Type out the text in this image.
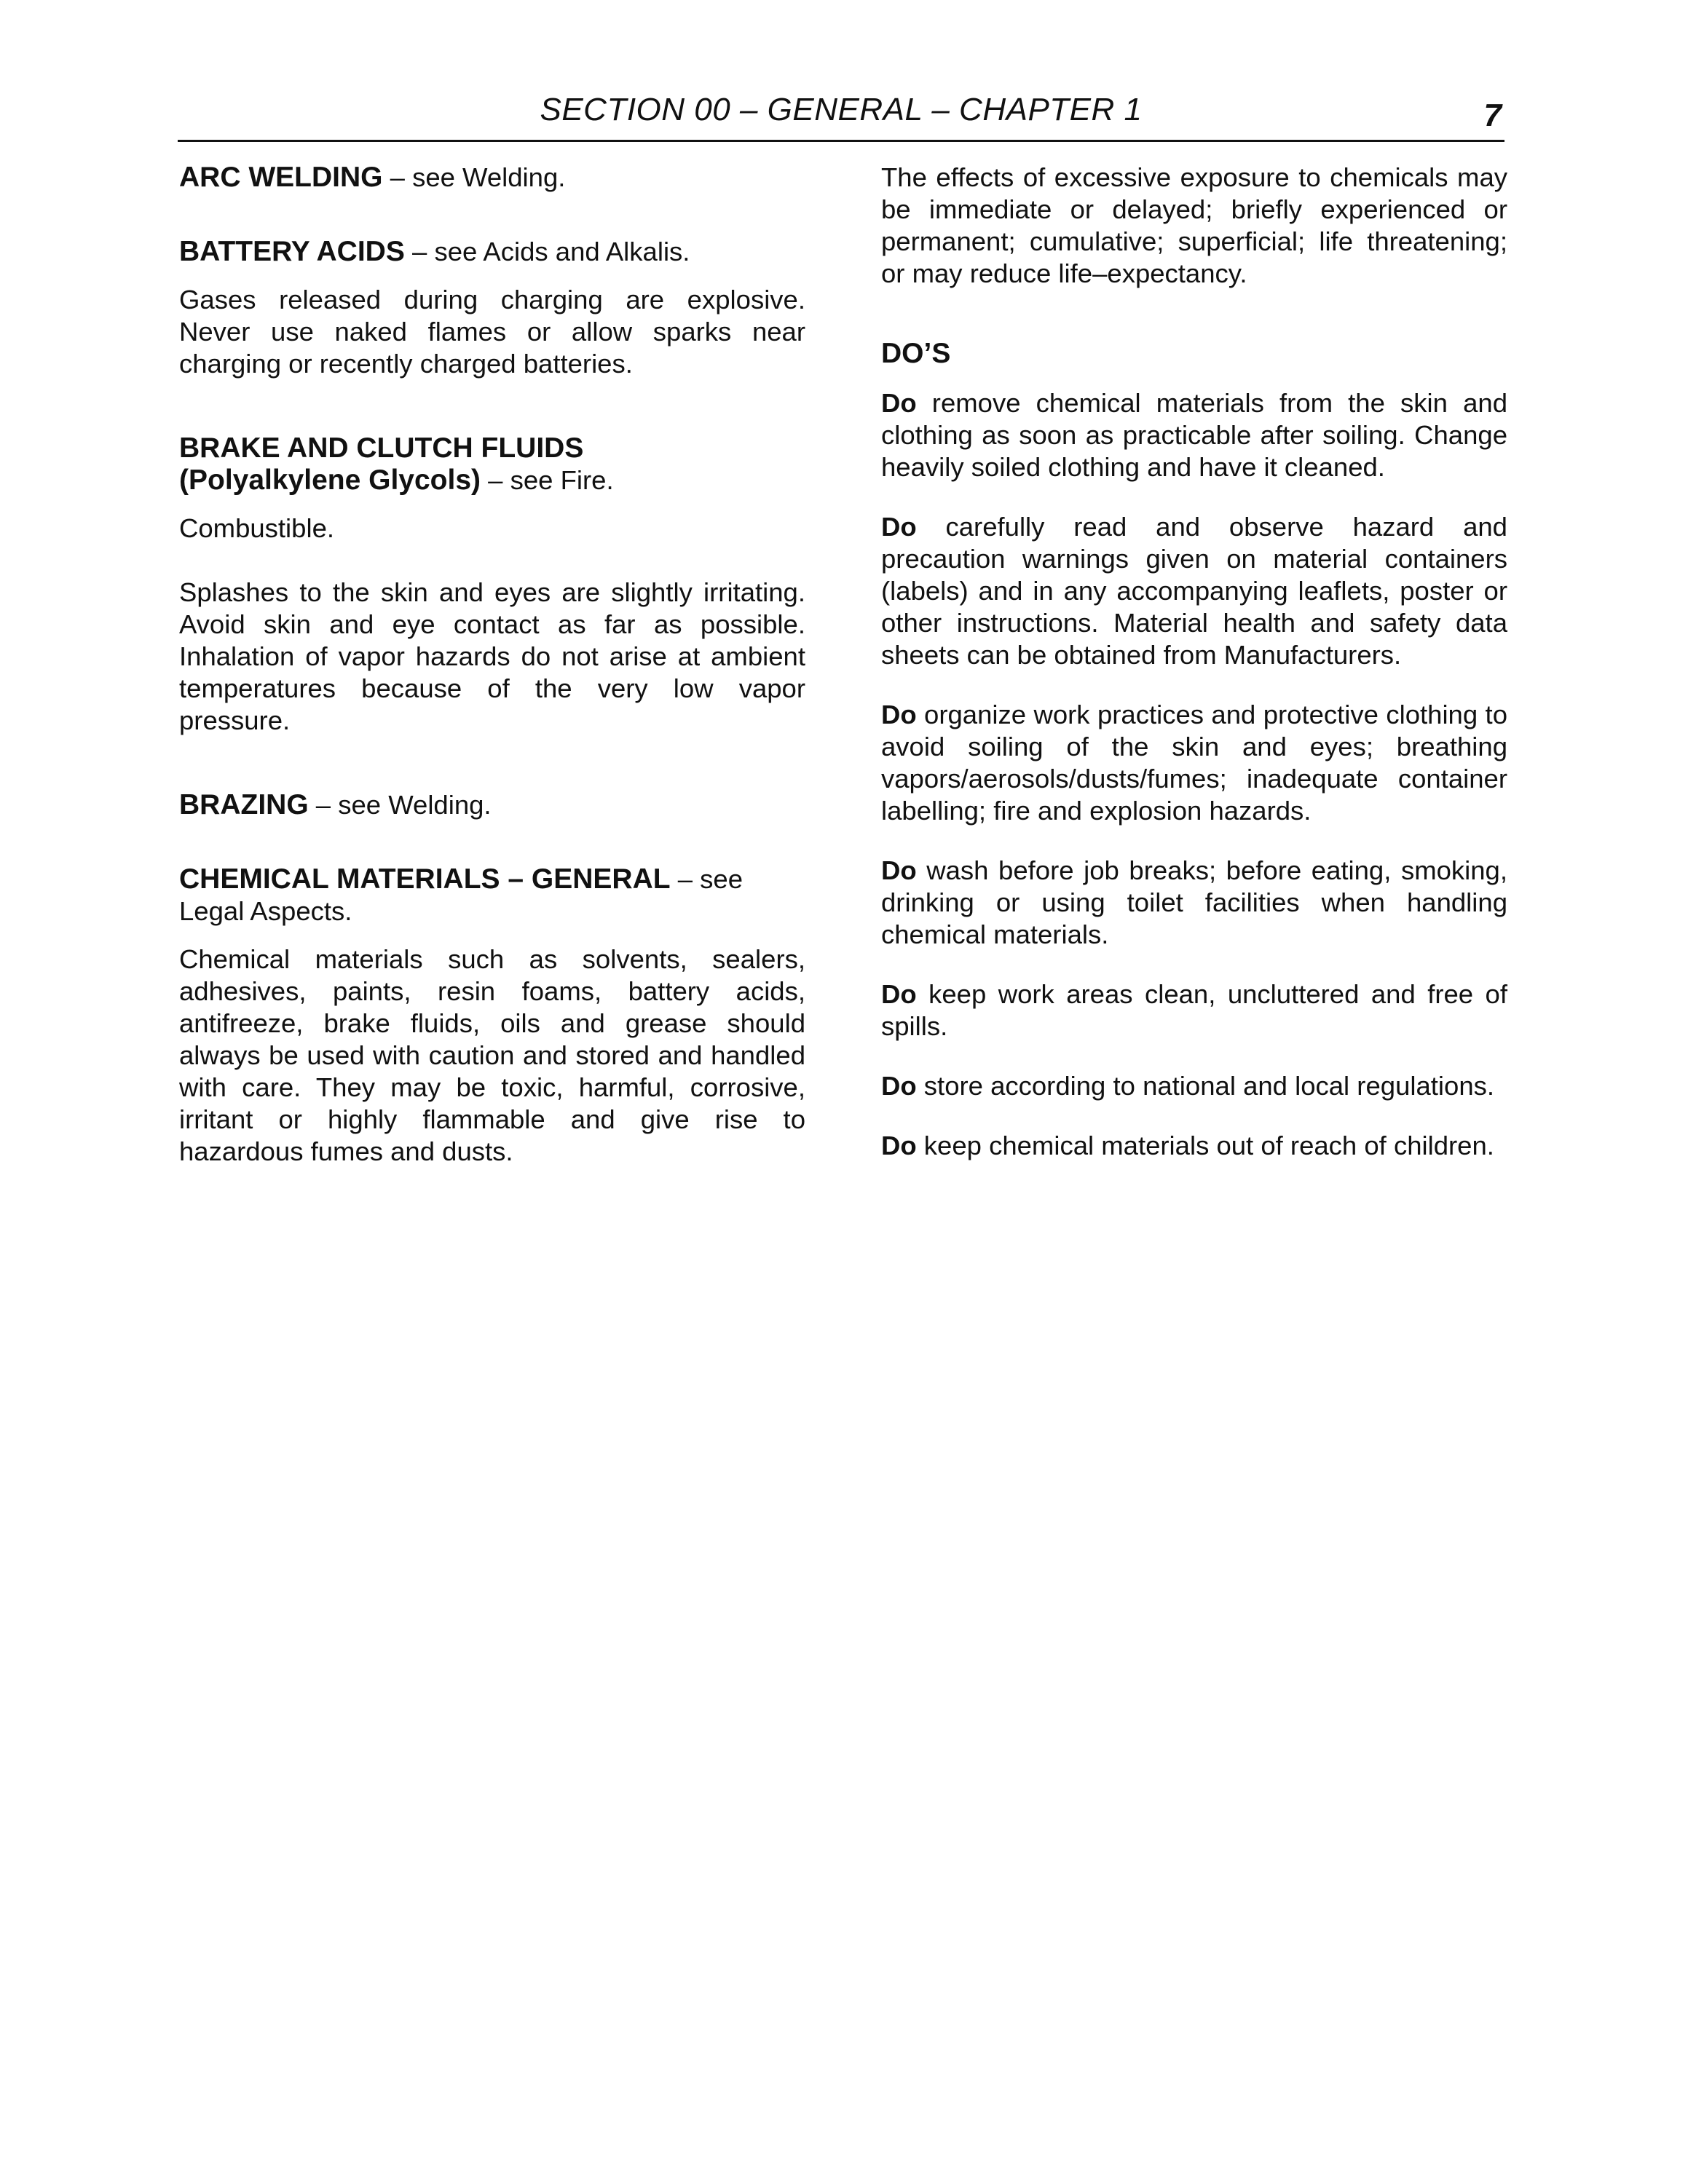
SECTION 00 – GENERAL – CHAPTER 1	7

ARC WELDING – see Welding.

BATTERY ACIDS – see Acids and Alkalis.

Gases released during charging are explosive. Never use naked flames or allow sparks near charging or recently charged batteries.

BRAKE AND CLUTCH FLUIDS
(Polyalkylene Glycols) – see Fire.

Combustible.

Splashes to the skin and eyes are slightly irritating. Avoid skin and eye contact as far as possible. Inhalation of vapor hazards do not arise at ambient temperatures because of the very low vapor pressure.

BRAZING – see Welding.

CHEMICAL MATERIALS – GENERAL – see Legal Aspects.

Chemical materials such as solvents, sealers, adhesives, paints, resin foams, battery acids, antifreeze, brake fluids, oils and grease should always be used with caution and stored and handled with care. They may be toxic, harmful, corrosive, irritant or highly flammable and give rise to hazardous fumes and dusts.

The effects of excessive exposure to chemicals may be immediate or delayed; briefly experienced or permanent; cumulative; superficial; life threatening; or may reduce life–expectancy.

DO’S

Do remove chemical materials from the skin and clothing as soon as practicable after soiling. Change heavily soiled clothing and have it cleaned.

Do carefully read and observe hazard and precaution warnings given on material containers (labels) and in any accompanying leaflets, poster or other instructions. Material health and safety data sheets can be obtained from Manufacturers.

Do organize work practices and protective clothing to avoid soiling of the skin and eyes; breathing vapors/aerosols/dusts/fumes; inadequate container labelling; fire and explosion hazards.

Do wash before job breaks; before eating, smoking, drinking or using toilet facilities when handling chemical materials.

Do keep work areas clean, uncluttered and free of spills.

Do store according to national and local regulations.

Do keep chemical materials out of reach of children.
